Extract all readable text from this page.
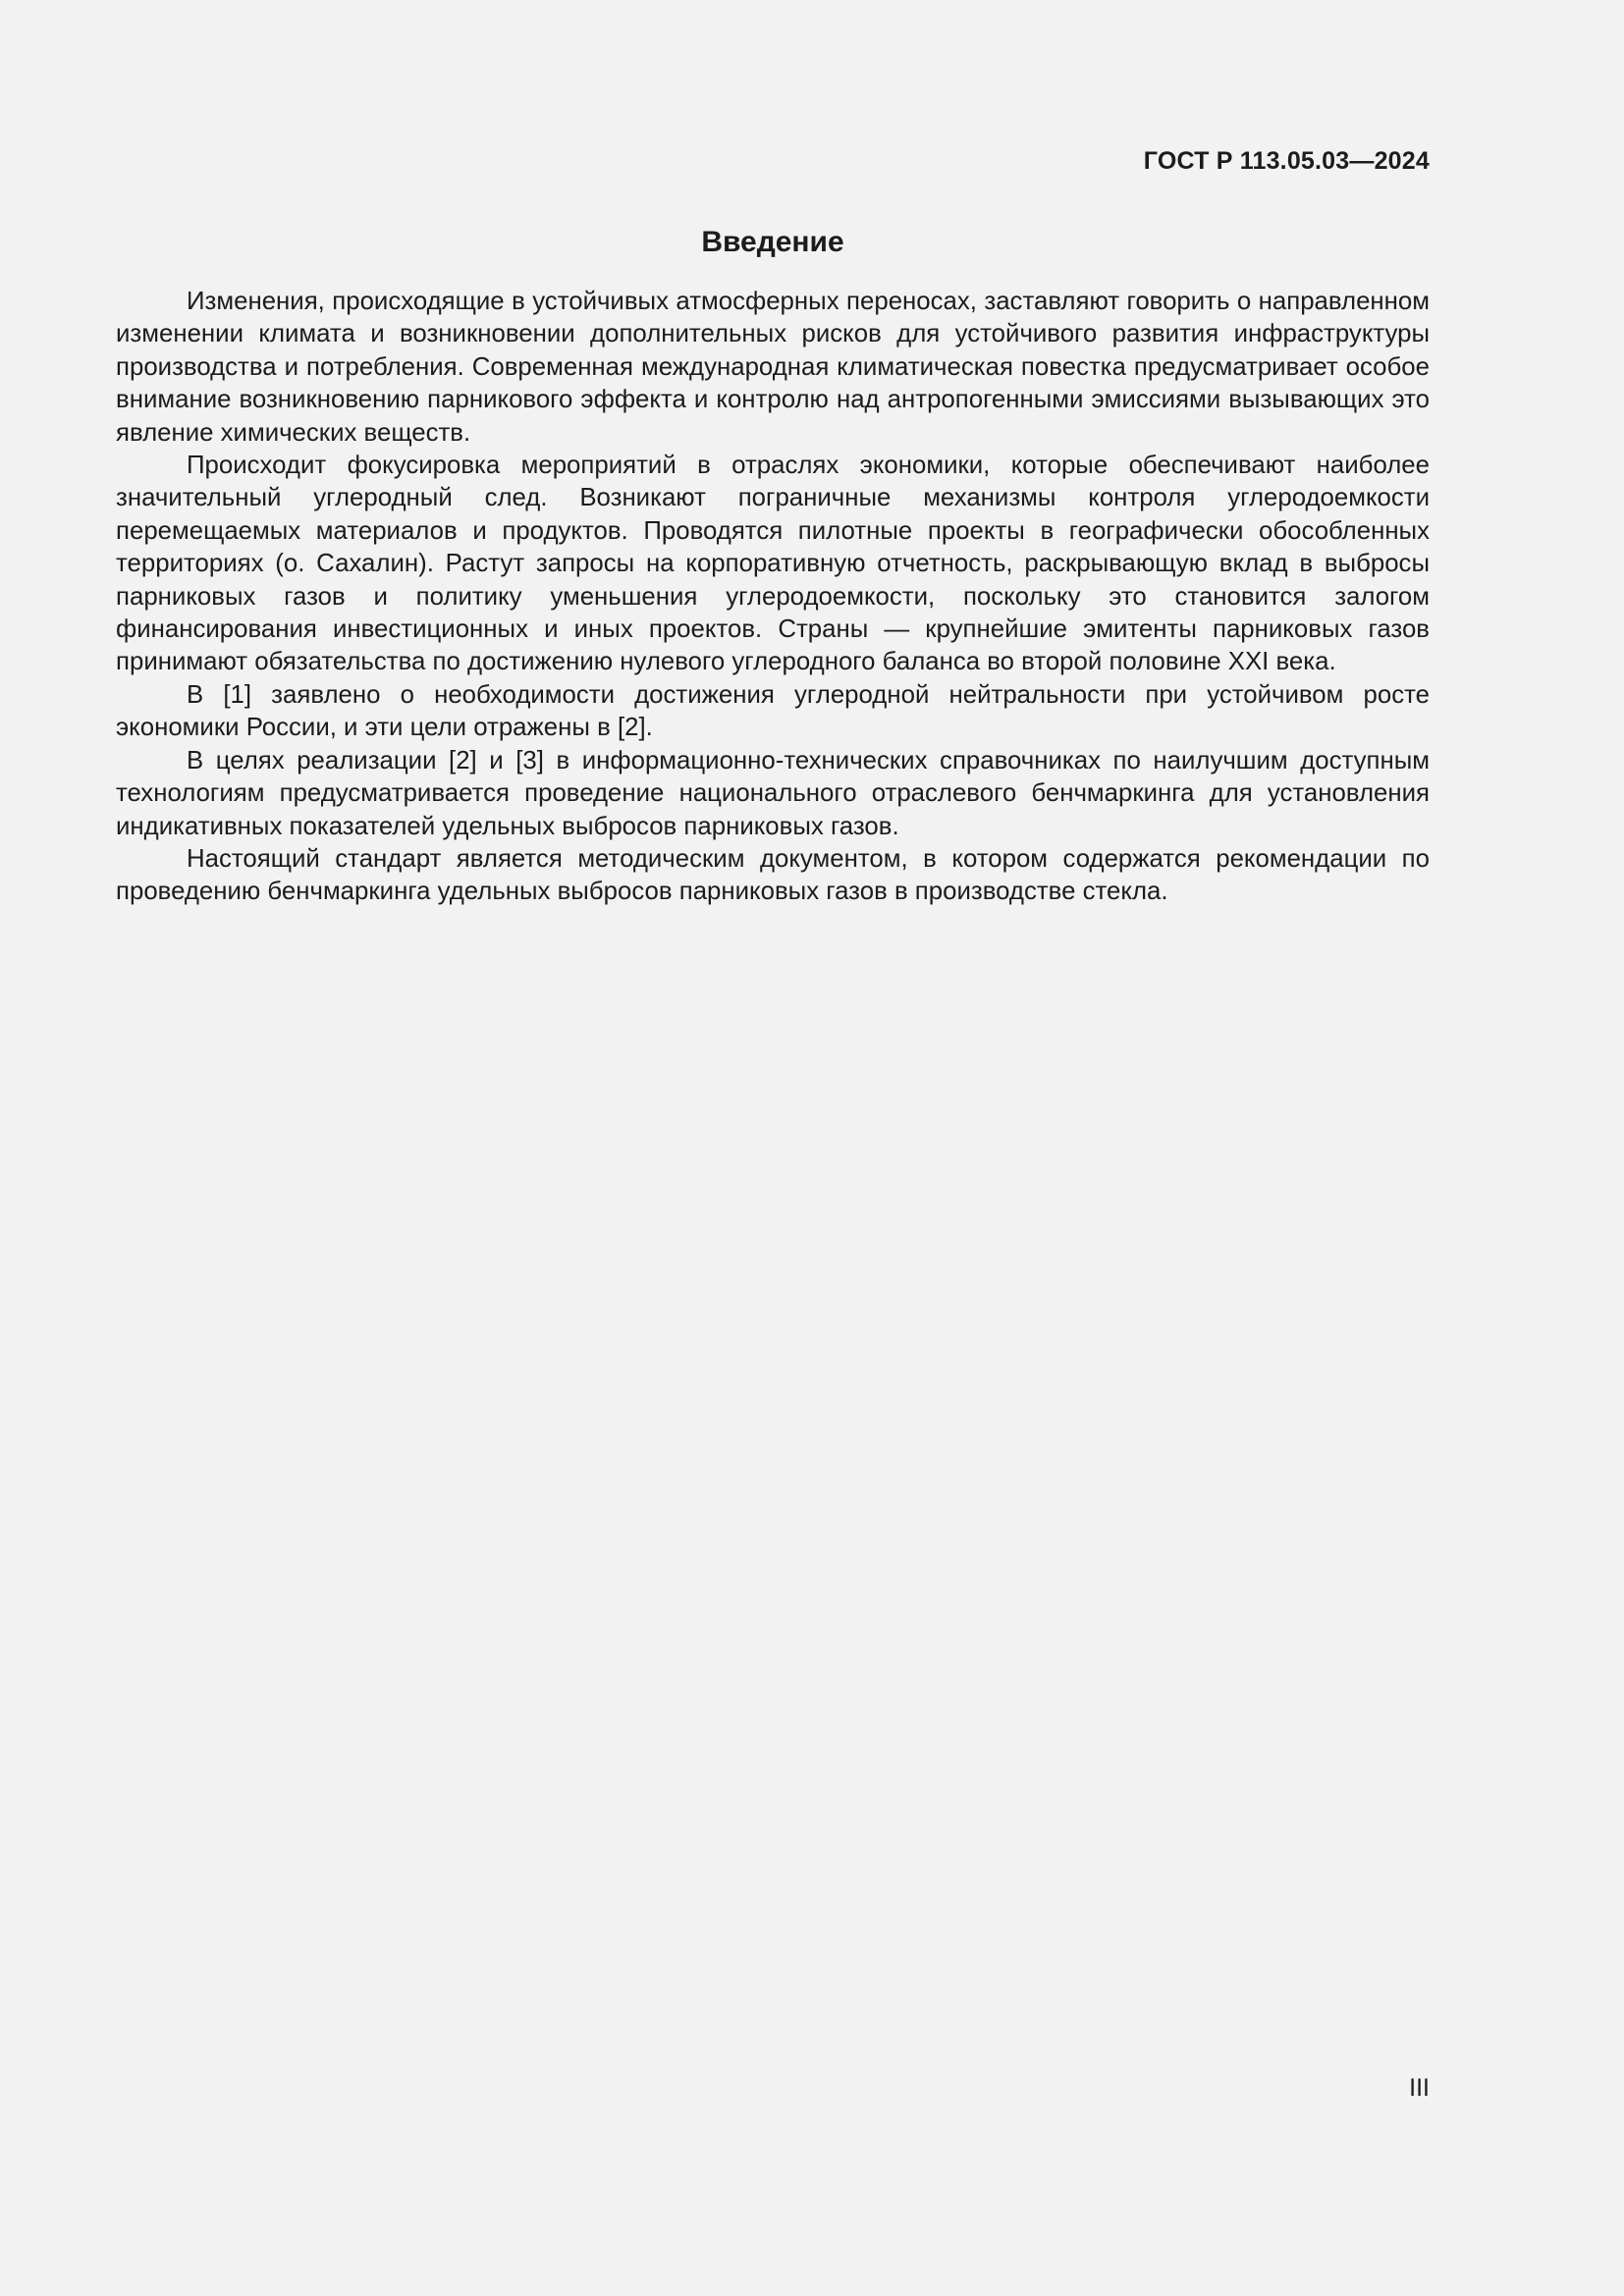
ГОСТ Р 113.05.03—2024
Введение

Изменения, происходящие в устойчивых атмосферных переносах, заставляют говорить о направленном изменении климата и возникновении дополнительных рисков для устойчивого развития инфраструктуры производства и потребления. Современная международная климатическая повестка предусматривает особое внимание возникновению парникового эффекта и контролю над антропогенными эмиссиями вызывающих это явление химических веществ.

Происходит фокусировка мероприятий в отраслях экономики, которые обеспечивают наиболее значительный углеродный след. Возникают пограничные механизмы контроля углеродоемкости перемещаемых материалов и продуктов. Проводятся пилотные проекты в географически обособленных территориях (о. Сахалин). Растут запросы на корпоративную отчетность, раскрывающую вклад в выбросы парниковых газов и политику уменьшения углеродоемкости, поскольку это становится залогом финансирования инвестиционных и иных проектов. Страны — крупнейшие эмитенты парниковых газов принимают обязательства по достижению нулевого углеродного баланса во второй половине XXI века.

В [1] заявлено о необходимости достижения углеродной нейтральности при устойчивом росте экономики России, и эти цели отражены в [2].

В целях реализации [2] и [3] в информационно-технических справочниках по наилучшим доступным технологиям предусматривается проведение национального отраслевого бенчмаркинга для установления индикативных показателей удельных выбросов парниковых газов.

Настоящий стандарт является методическим документом, в котором содержатся рекомендации по проведению бенчмаркинга удельных выбросов парниковых газов в производстве стекла.

III
